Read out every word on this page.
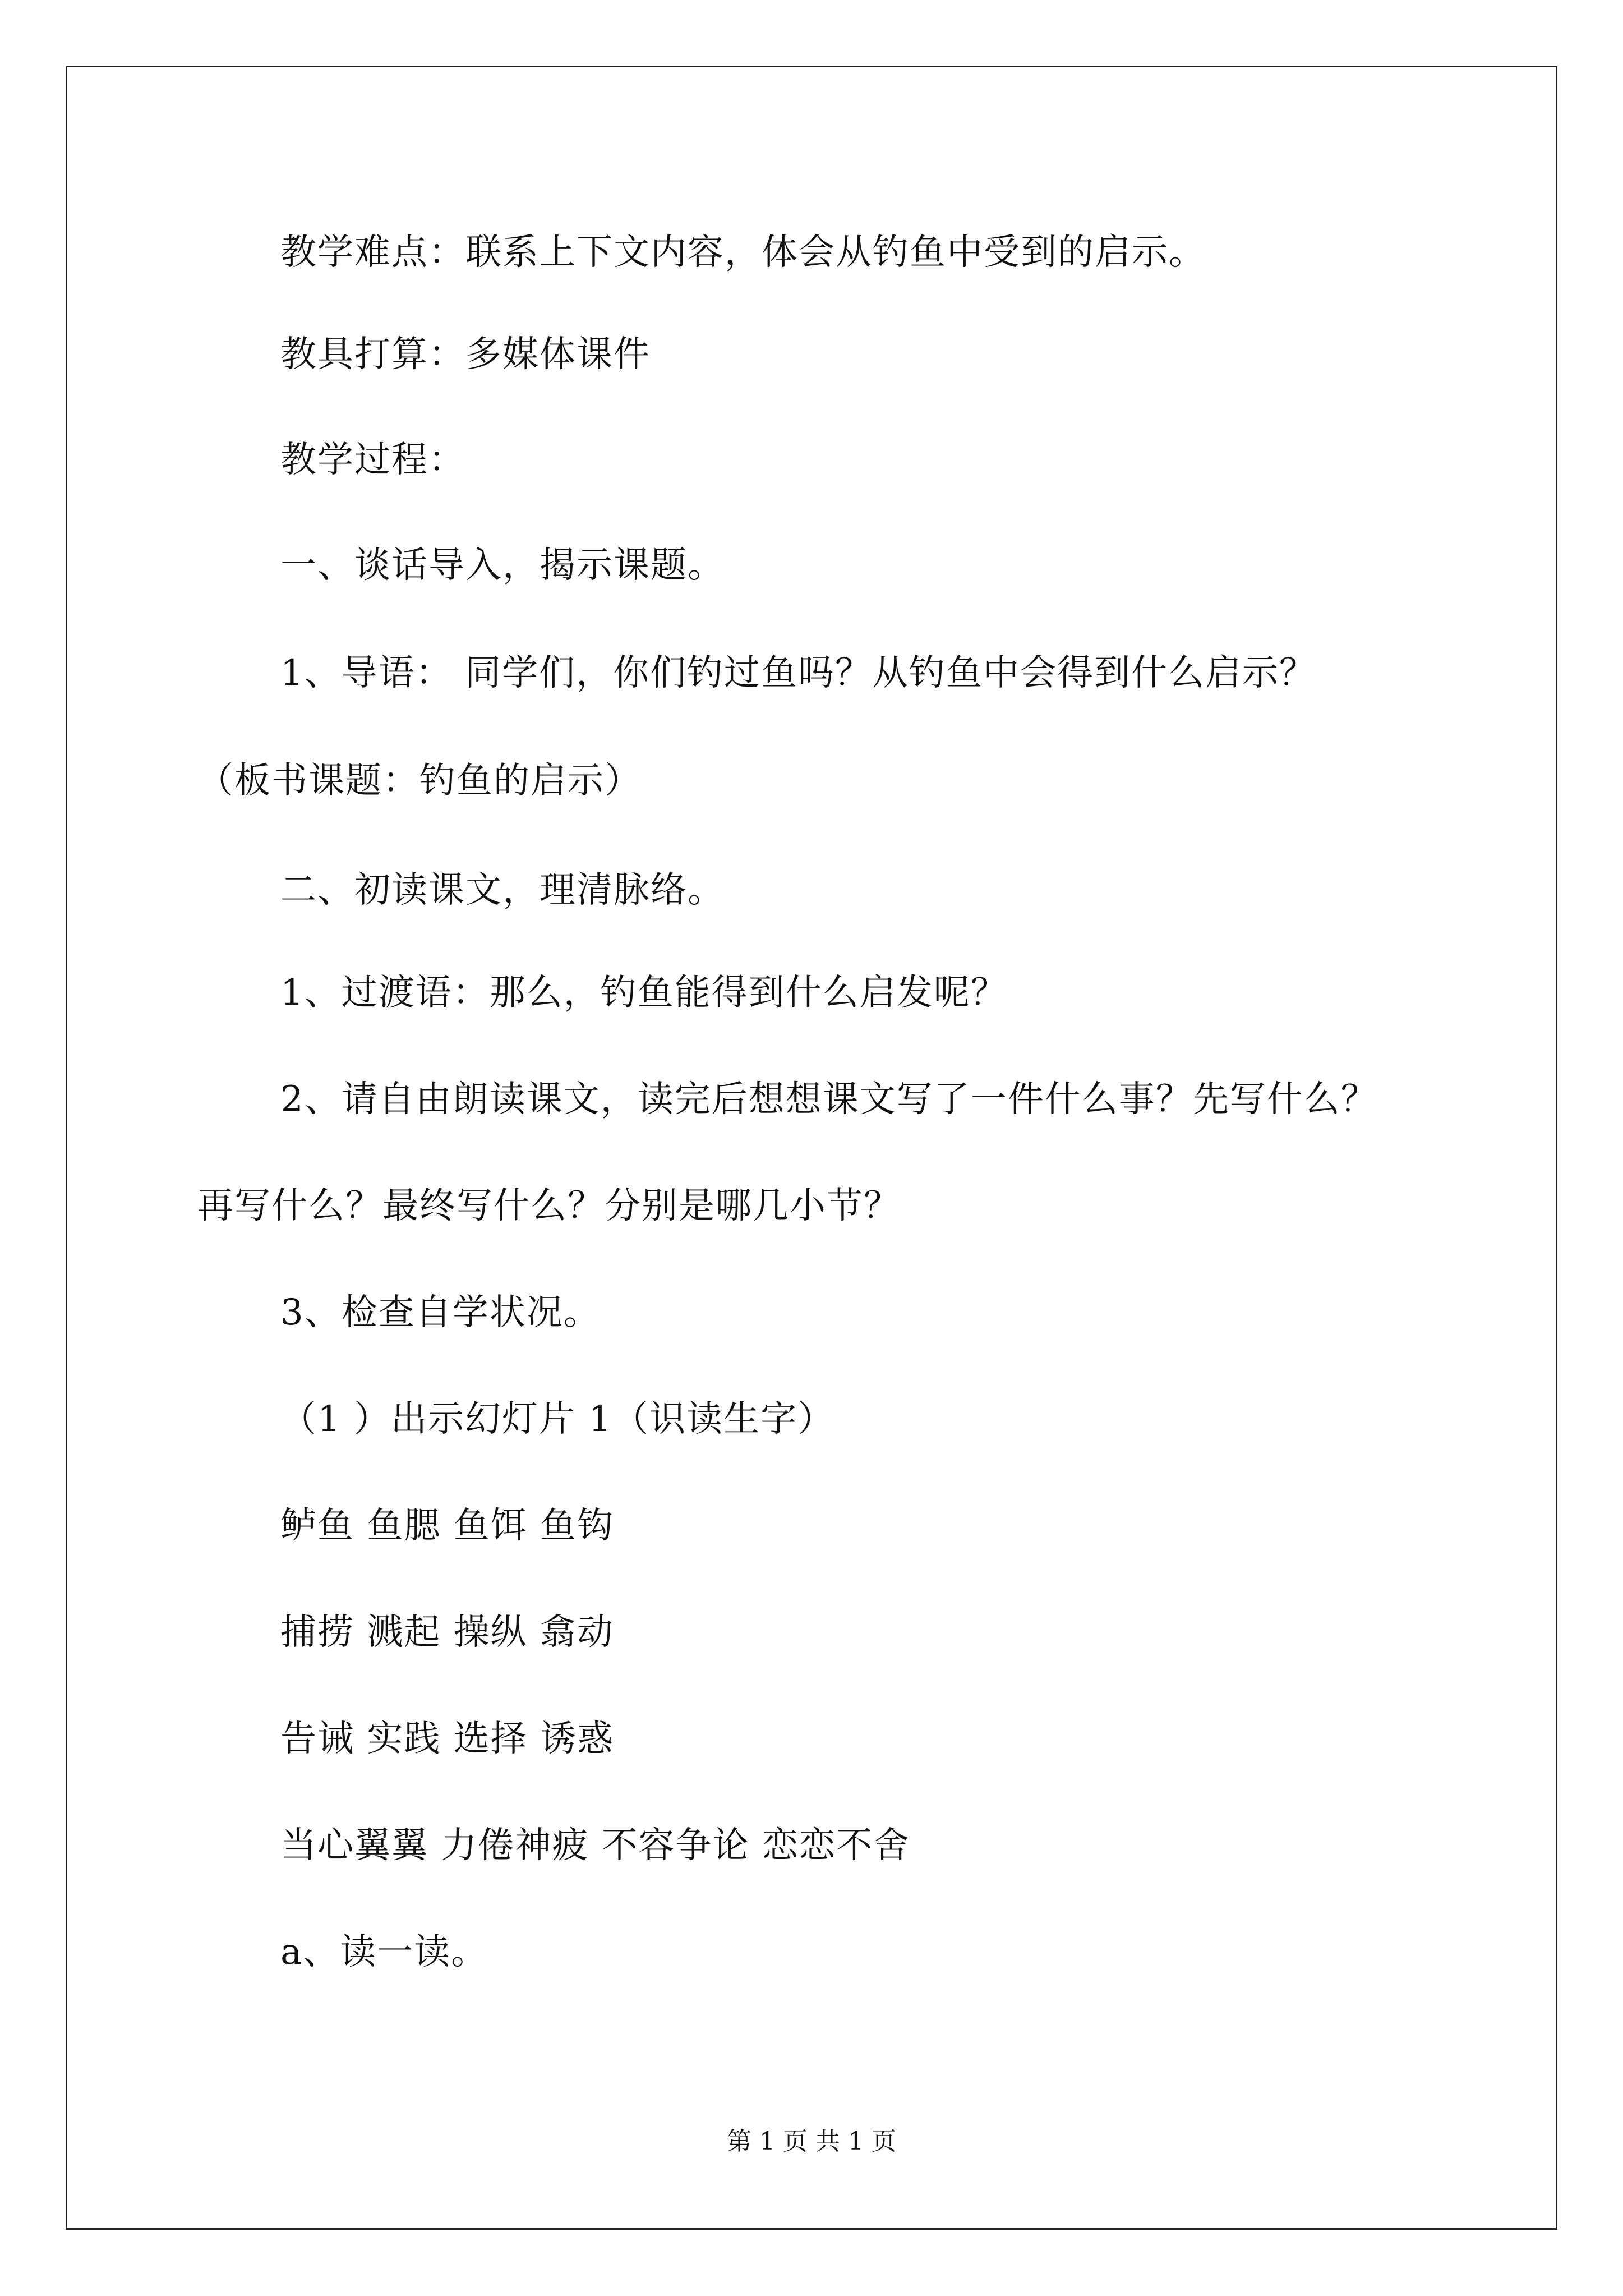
教学难点：联系上下文内容，体会从钓鱼中受到的启示。
教具打算：多媒体课件
教学过程：
一、谈话导入，揭示课题。
1、导语： 同学们，你们钓过鱼吗？从钓鱼中会得到什么启示？
（板书课题：钓鱼的启示）
二、初读课文，理清脉络。
1、过渡语：那么，钓鱼能得到什么启发呢？
2、请自由朗读课文，读完后想想课文写了一件什么事？先写什么？
再写什么？最终写什么？分别是哪几小节？
3、检查自学状况。
（1 ）出示幻灯片 1（识读生字）
鲈鱼 鱼腮 鱼饵 鱼钩
捕捞 溅起 操纵 翕动
告诫 实践 选择 诱惑
当心翼翼 力倦神疲 不容争论 恋恋不舍
a、读一读。
第 1 页 共 1 页
